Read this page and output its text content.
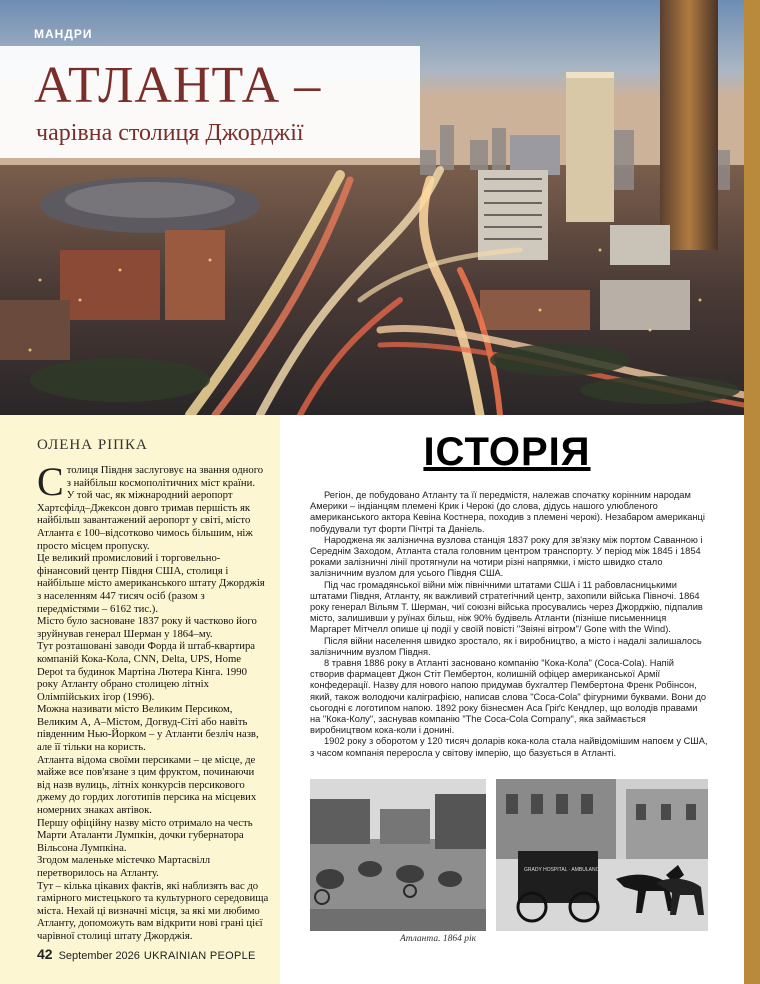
МАНДРИ
АТЛАНТА –
чарівна столиця Джорджії
ОЛЕНА РІПКА
Столиця Півдня заслуговує на звання одного з найбільш космополітичних міст країни.
У той час, як міжнародний аеропорт Хартсфілд–Джексон довго тримав першість як найбільш завантажений аеропорт у світі, місто Атланта є 100–відсотково чимось більшим, ніж просто місцем пропуску.
Це великий промисловий і торговельно-фінансовий центр Півдня США, столиця і найбільше місто американського штату Джорджія з населенням 447 тисяч осіб (разом з передмістями – 6162 тис.).
Місто було засноване 1837 року й частково його зруйнував генерал Шерман у 1864–му.
Тут розташовані заводи Форда й штаб-квартира компаній Кока-Кола, CNN, Delta, UPS, Home Depot та будинок Мартіна Лютера Кінга. 1990 року Атланту обрано столицею літніх Олімпійських ігор (1996).
Можна називати місто Великим Персиком, Великим А, А–Містом, Догвуд-Сіті або навіть південним Нью-Йорком – у Атланти безліч назв, але її тільки на користь.
Атланта відома своїми персиками – це місце, де майже все пов'язане з цим фруктом, починаючи від назв вулиць, літніх конкурсів персикового джему до гордих логотипів персика на місцевих номерних знаках автівок.
Першу офіційну назву місто отримало на честь Марти Аталанти Лумпкін, дочки губернатора Вільсона Лумпкіна.
Згодом маленьке містечко Мартасвілл перетворилось на Атланту.
Тут – кілька цікавих фактів, які наблизять вас до гамірного мистецького та культурного середовища міста. Нехай ці визначні місця, за які ми любимо Атланту, допоможуть вам відкрити нові грані цієї чарівної столиці штату Джорджія.
ІСТОРІЯ

Регіон, де побудовано Атланту та її передмістя, належав спочатку корінним народам Америки – індіанцям племені Крик і Черокі (до слова, дідусь нашого улюбленого американського актора Кевіна Костнера, походив з племені черокі). Незабаром американці побудували тут форти Пічтрі та Даніель.

Народжена як залізнична вузлова станція 1837 року для зв'язку між портом Саванною і Середнім Заходом, Атланта стала головним центром транспорту. У період між 1845 і 1854 роками залізничні лінії протягнули на чотири різні напрямки, і місто швидко стало залізничним вузлом для усього Півдня США.

Під час громадянської війни між північними штатами США і 11 рабовласницькими штатами Півдня, Атланту, як важливий стратегічний центр, захопили війська Півночі. 1864 року генерал Вільям Т. Шерман, чиї союзні війська просувались через Джорджію, підпалив місто, залишивши у руїнах більш, ніж 90% будівель Атланти (пізніше письменниця Маргарет Мітчелл опише ці події у своїй повісті "Звіяні вітром"/ Gone with the Wind).

Після війни населення швидко зростало, як і виробництво, а місто і надалі залишалось залізничним вузлом Півдня.

8 травня 1886 року в Атланті засновано компанію "Кока-Кола" (Coca-Cola). Напій створив фармацевт Джон Стіт Пембертон, колишній офіцер американської Армії конфедерації. Назву для нового напою придумав бухгалтер Пембертона Френк Робінсон, який, також володючи каліграфією, написав слова "Coca-Cola" фігурними буквами. Вони до сьогодні є логотипом напою. 1892 року бізнесмен Аса Гріґс Кендлер, що володів правами на "Кока-Колу", заснував компанію "The Coca-Cola Company", яка займається виробництвом кока-коли і донині.

1902 року з оборотом у 120 тисяч доларів кока-кола стала найвідомішим напоєм у США, з часом компанія переросла у світову імперію, що базується в Атланті.

GRADY HOSPITAL · AMBULANCE
Атланта. 1864 рік
42 September 2026 UKRAINIAN PEOPLE
